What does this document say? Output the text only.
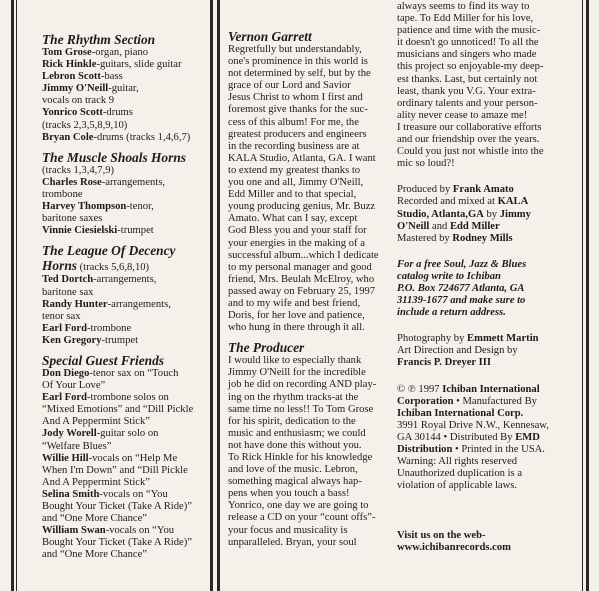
The Rhythm Section

Tom Grose-organ, piano

Rick Hinkle-guitars, slide guitar

Lebron Scott-bass

Jimmy O'Neill-guitar,

vocals on track 9

Yonrico Scott-drums

(tracks 2,3,5,8,9,10)

Bryan Cole-drums (tracks 1,4,6,7)

The Muscle Shoals Horns

(tracks 1,3,4,7,9)

Charles Rose-arrangements,

trombone

Harvey Thompson-tenor,

baritone saxes

Vinnie Ciesielski-trumpet

The League Of Decency

Horns (tracks 5,6,8,10)

Ted Dortch-arrangements,

baritone sax

Randy Hunter-arrangements,

tenor sax

Earl Ford-trombone

Ken Gregory-trumpet

Special Guest Friends

Don Diego-tenor sax on “Touch

Of Your Love”

Earl Ford-trombone solos on

“Mixed Emotions” and “Dill Pickle

And A Peppermint Stick”

Jody Worell-guitar solo on

“Welfare Blues”

Willie Hill-vocals on “Help Me

When I'm Down” and “Dill Pickle

And A Peppermint Stick”

Selina Smith-vocals on “You

Bought Your Ticket (Take A Ride)”

and “One More Chance”

William Swan-vocals on “You

Bought Your Ticket (Take A Ride)”

and “One More Chance”

Vernon Garrett

Regretfully but understandably,

one's prominence in this world is

not determined by self, but by the

grace of our Lord and Savior

Jesus Christ to whom I first and

foremost give thanks for the suc-

cess of this album! For me, the

greatest producers and engineers

in the recording business are at

KALA Studio, Atlanta, GA. I want

to extend my greatest thanks to

you one and all, Jimmy O'Neill,

Edd Miller and to that special,

young producing genius, Mr. Buzz

Amato. What can I say, except

God Bless you and your staff for

your energies in the making of a

successful album...which I dedicate

to my personal manager and good

friend, Mrs. Beulah McElroy, who

passed away on February 25, 1997

and to my wife and best friend,

Doris, for her love and patience,

who hung in there through it all.

The Producer

I would like to especially thank

Jimmy O'Neill for the incredible

job he did on recording AND play-

ing on the rhythm tracks-at the

same time no less!! To Tom Grose

for his spirit, dedication to the

music and enthusiasm; we could

not have done this without you.

To Rick Hinkle for his knowledge

and love of the music. Lebron,

something magical always hap-

pens when you touch a bass!

Yonrico, one day we are going to

release a CD on your “count offs”-

your focus and musicality is

unparalleled. Bryan, your soul

always seems to find its way to

tape. To Edd Miller for his love,

patience and time with the music-

it doesn't go unnoticed! To all the

musicians and singers who made

this project so enjoyable-my deep-

est thanks. Last, but certainly not

least, thank you V.G. Your extra-

ordinary talents and your person-

ality never cease to amaze me!

I treasure our collaborative efforts

and our friendship over the years.

Could you just not whistle into the

mic so loud?!

Produced by Frank Amato

Recorded and mixed at KALA

Studio, Atlanta,GA by Jimmy

O'Neill and Edd Miller

Mastered by Rodney Mills

For a free Soul, Jazz & Blues

catalog write to Ichiban

P.O. Box 724677 Atlanta, GA

31139-1677 and make sure to

include a return address.

Photography by Emmett Martin

Art Direction and Design by

Francis P. Dreyer III

© ℗ 1997 Ichiban International

Corporation • Manufactured By

Ichiban International Corp.

3991 Royal Drive N.W., Kennesaw,

GA 30144 • Distributed By EMD

Distribution • Printed in the USA.

Warning: All rights reserved

Unauthorized duplication is a

violation of applicable laws.

Visit us on the web-

www.ichibanrecords.com
